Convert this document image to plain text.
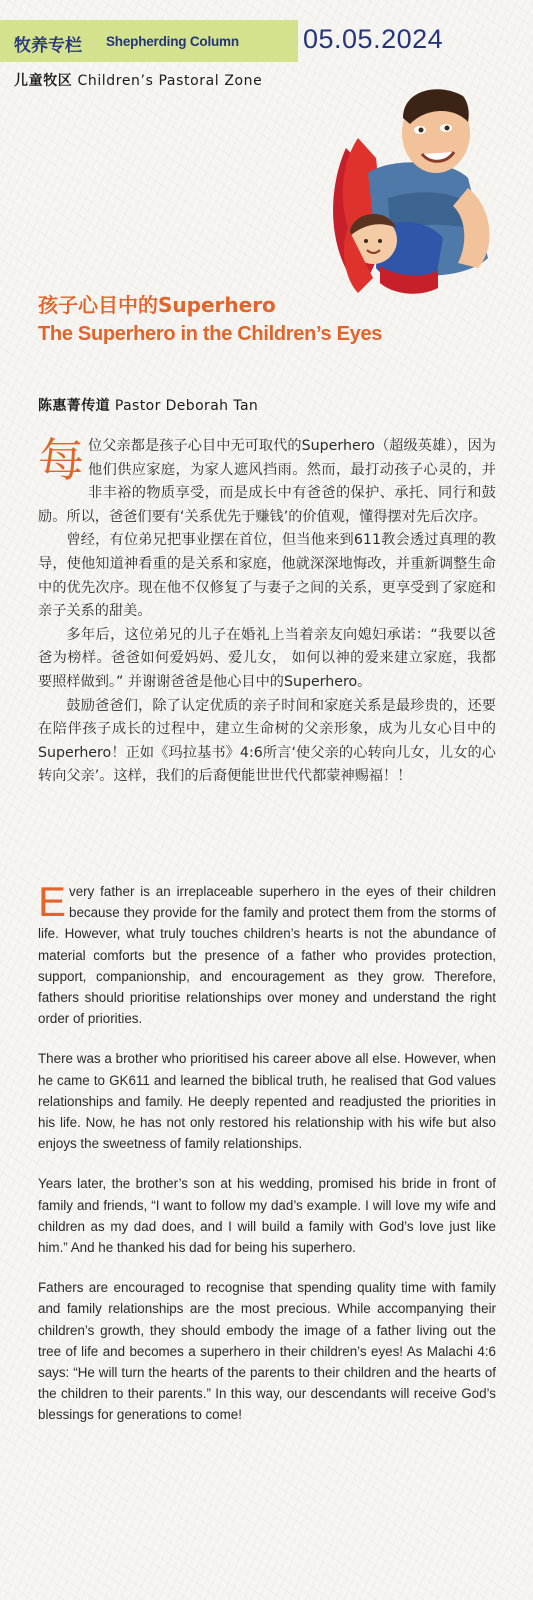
牧养专栏 Shepherding Column 05.05.2024
儿童牧区 Children’s Pastoral Zone
孩子心目中的Superhero
The Superhero in the Children’s Eyes
陈惠菁传道 Pastor Deborah Tan

每位父亲都是孩子心目中无可取代的Superhero（超级英雄），因为他们供应家庭，为家人遮风挡雨。然而，最打动孩子心灵的，并非丰裕的物质享受，而是成长中有爸爸的保护、承托、同行和鼓励。所以，爸爸们要有‘关系优先于赚钱’的价值观，懂得摆对先后次序。

曾经，有位弟兄把事业摆在首位，但当他来到611教会透过真理的教导，使他知道神看重的是关系和家庭，他就深深地悔改，并重新调整生命中的优先次序。现在他不仅修复了与妻子之间的关系，更享受到了家庭和亲子关系的甜美。

多年后，这位弟兄的儿子在婚礼上当着亲友向媳妇承诺：“我要以爸爸为榜样。爸爸如何爱妈妈、爱儿女， 如何以神的爱来建立家庭，我都要照样做到。” 并谢谢爸爸是他心目中的Superhero。

鼓励爸爸们，除了认定优质的亲子时间和家庭关系是最珍贵的，还要在陪伴孩子成长的过程中，建立生命树的父亲形象，成为儿女心目中的Superhero！正如《玛拉基书》4:6所言‘使父亲的心转向儿女，儿女的心转向父亲’。这样，我们的后裔便能世世代代都蒙神赐福！！

Every father is an irreplaceable superhero in the eyes of their children because they provide for the family and protect them from the storms of life. However, what truly touches children’s hearts is not the abundance of material comforts but the presence of a father who provides protection, support, companionship, and encouragement as they grow. Therefore, fathers should prioritise relationships over money and understand the right order of priorities.

There was a brother who prioritised his career above all else. However, when he came to GK611 and learned the biblical truth, he realised that God values relationships and family. He deeply repented and readjusted the priorities in his life. Now, he has not only restored his relationship with his wife but also enjoys the sweetness of family relationships.

Years later, the brother’s son at his wedding, promised his bride in front of family and friends, “I want to follow my dad’s example. I will love my wife and children as my dad does, and I will build a family with God’s love just like him.” And he thanked his dad for being his superhero.

Fathers are encouraged to recognise that spending quality time with family and family relationships are the most precious. While accompanying their children’s growth, they should embody the image of a father living out the tree of life and becomes a superhero in their children’s eyes! As Malachi 4:6 says: “He will turn the hearts of the parents to their children and the hearts of the children to their parents.” In this way, our descendants will receive God’s blessings for generations to come!
